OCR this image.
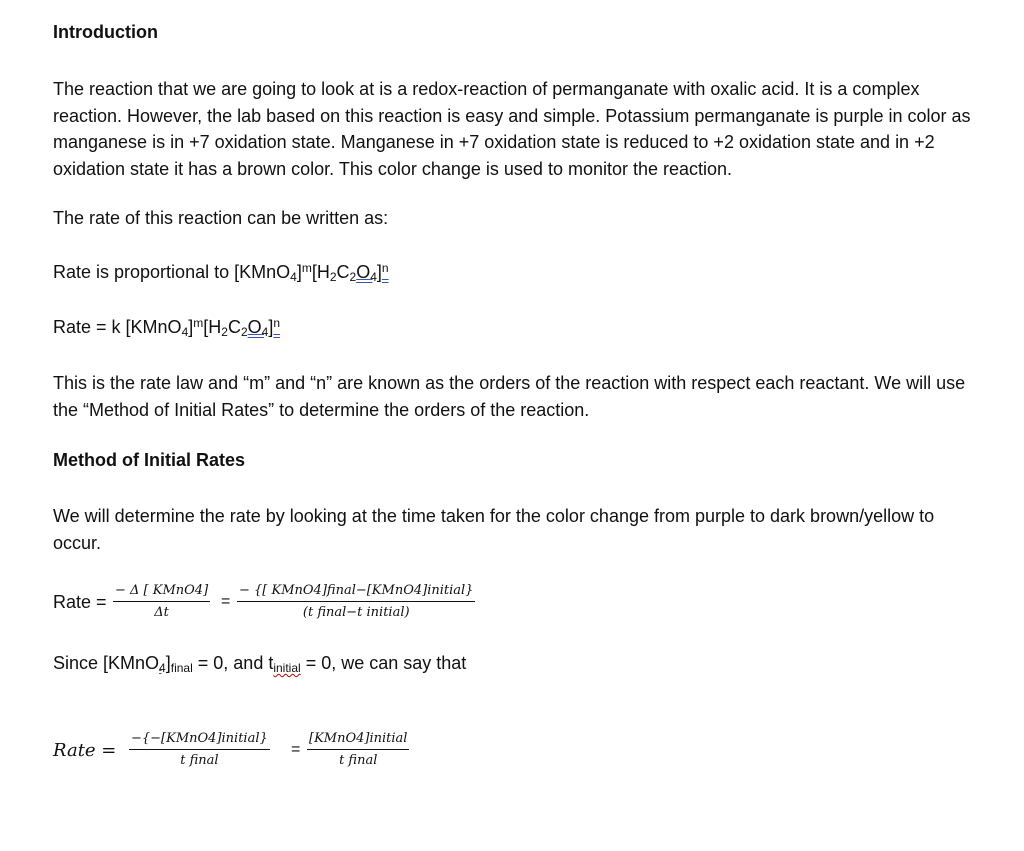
Introduction
The reaction that we are going to look at is a redox-reaction of permanganate with oxalic acid. It is a complex reaction. However, the lab based on this reaction is easy and simple. Potassium permanganate is purple in color as manganese is in +7 oxidation state. Manganese in +7 oxidation state is reduced to +2 oxidation state and in +2 oxidation state it has a brown color. This color change is used to monitor the reaction.
The rate of this reaction can be written as:
Rate is proportional to $[KMnO_4]^m[H_2C_2O_4]^n$
Rate = k $[KMnO_4]^m[H_2C_2O_4]^n$
This is the rate law and “m” and “n” are known as the orders of the reaction with respect each reactant. We will use the “Method of Initial Rates” to determine the orders of the reaction.
Method of Initial Rates
We will determine the rate by looking at the time taken for the color change from purple to dark brown/yellow to occur.
Rate =
− Δ [ KMnO4]
Δt
=
− {[ KMnO4]final−[KMnO4]initial}
(t final−t initial)
Since $[KMnO_4]_{final} = 0$, and $t_{initial} = 0$, we can say that
Rate =
−{−[KMnO4]initial}
t final
=
[KMnO4]initial
t final
